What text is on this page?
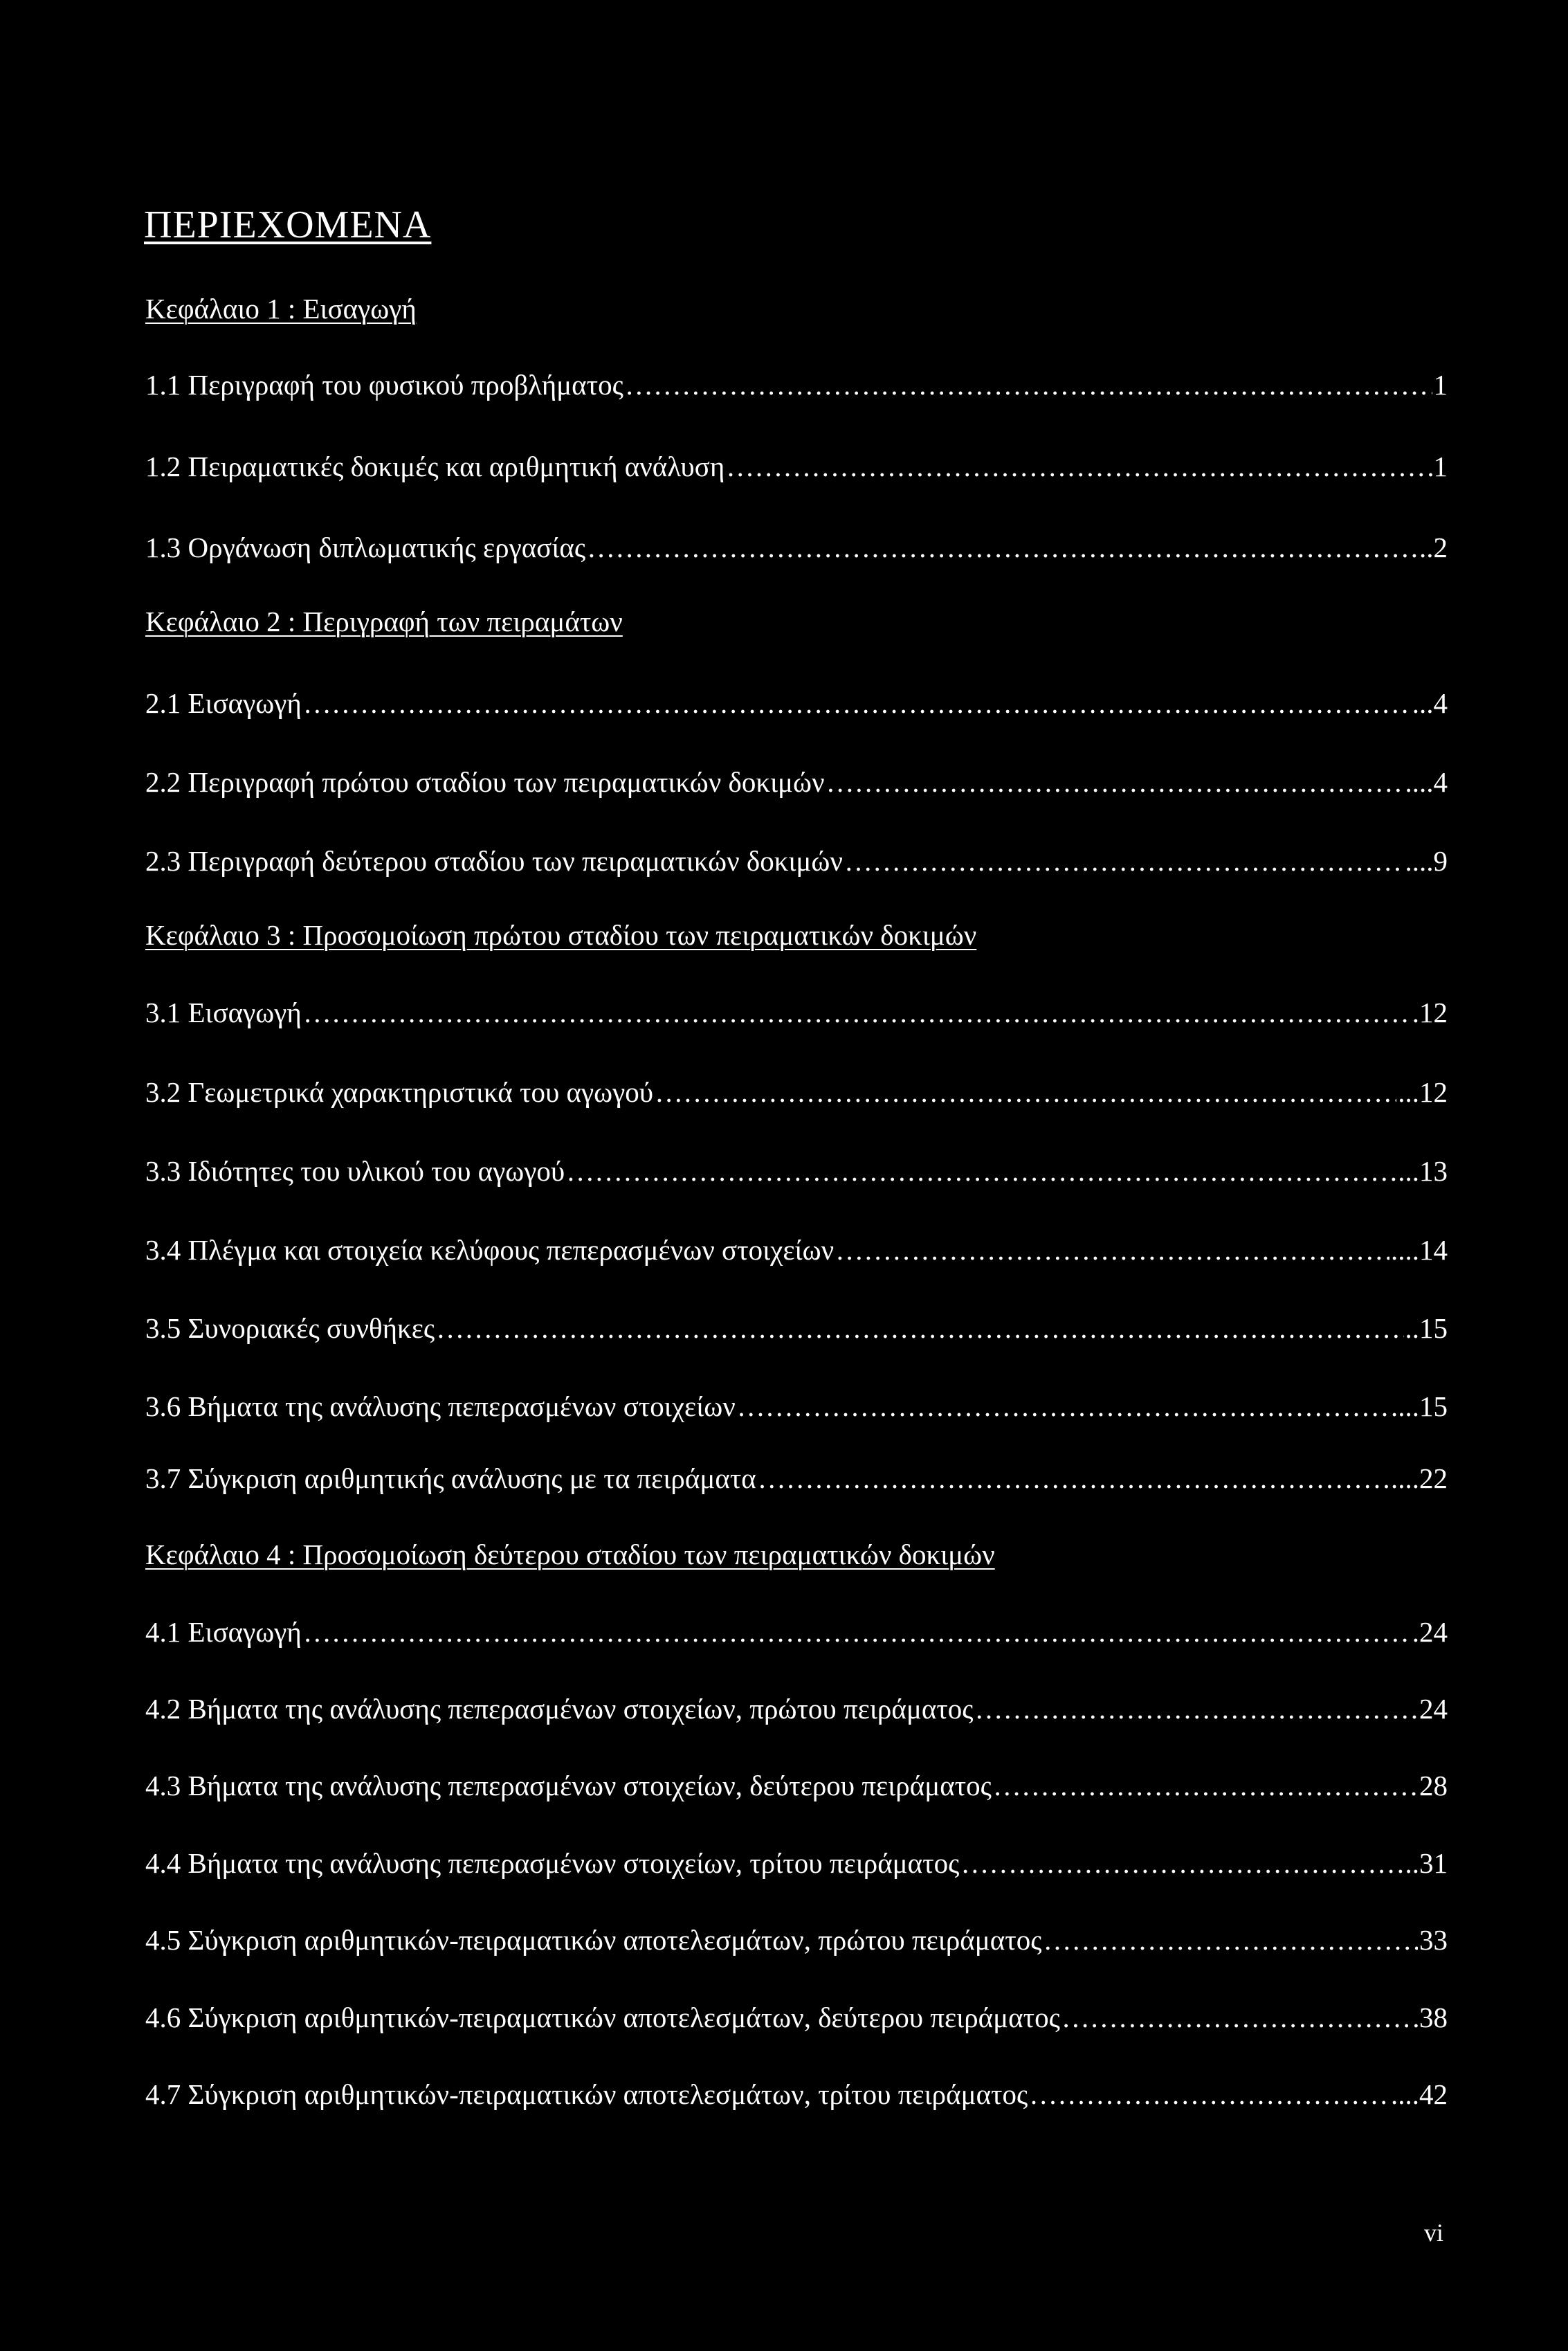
ΠΕΡΙΕΧΟΜΕΝΑ
Κεφάλαιο 1 : Εισαγωγή
1.1 Περιγραφή του φυσικού προβλήματος …………………………………………………………………………………………………………………………………………………………………………………………………………………………………………………………………………	1
1.2 Πειραματικές δοκιμές και αριθμητική ανάλυση …………………………………………………………………………………………………………………………………………………………………………………………………………………………………………………………………………	1
1.3 Οργάνωση διπλωματικής εργασίας …………………………………………………………………………………………………………………………………………………………………………………………………………………………………………………………………………	..2
Κεφάλαιο 2 : Περιγραφή των πειραμάτων
2.1 Εισαγωγή …………………………………………………………………………………………………………………………………………………………………………………………………………………………………………………………………………	...4
2.2 Περιγραφή πρώτου σταδίου των πειραματικών δοκιμών …………………………………………………………………………………………………………………………………………………………………………………………………………………………………………………………………………	....4
2.3 Περιγραφή δεύτερου σταδίου των πειραματικών δοκιμών …………………………………………………………………………………………………………………………………………………………………………………………………………………………………………………………………………	....9
Κεφάλαιο 3 : Προσομοίωση πρώτου σταδίου των πειραματικών δοκιμών
3.1 Εισαγωγή …………………………………………………………………………………………………………………………………………………………………………………………………………………………………………………………………………	.12
3.2 Γεωμετρικά χαρακτηριστικά του αγωγού …………………………………………………………………………………………………………………………………………………………………………………………………………………………………………………………………………	...12
3.3 Ιδιότητες του υλικού του αγωγού …………………………………………………………………………………………………………………………………………………………………………………………………………………………………………………………………………	...13
3.4 Πλέγμα και στοιχεία κελύφους πεπερασμένων στοιχείων …………………………………………………………………………………………………………………………………………………………………………………………………………………………………………………………………………	....14
3.5 Συνοριακές συνθήκες …………………………………………………………………………………………………………………………………………………………………………………………………………………………………………………………………………	..15
3.6 Βήματα της ανάλυσης πεπερασμένων στοιχείων …………………………………………………………………………………………………………………………………………………………………………………………………………………………………………………………………………	....15
3.7 Σύγκριση αριθμητικής ανάλυσης με τα πειράματα …………………………………………………………………………………………………………………………………………………………………………………………………………………………………………………………………………	....22
Κεφάλαιο 4 : Προσομοίωση δεύτερου σταδίου των πειραματικών δοκιμών
4.1 Εισαγωγή …………………………………………………………………………………………………………………………………………………………………………………………………………………………………………………………………………	.24
4.2 Βήματα της ανάλυσης πεπερασμένων στοιχείων, πρώτου πειράματος …………………………………………………………………………………………………………………………………………………………………………………………………………………………………………………………………………	24
4.3 Βήματα της ανάλυσης πεπερασμένων στοιχείων, δεύτερου πειράματος …………………………………………………………………………………………………………………………………………………………………………………………………………………………………………………………………………	28
4.4 Βήματα της ανάλυσης πεπερασμένων στοιχείων, τρίτου πειράματος …………………………………………………………………………………………………………………………………………………………………………………………………………………………………………………………………………	..31
4.5 Σύγκριση αριθμητικών-πειραματικών αποτελεσμάτων, πρώτου πειράματος …………………………………………………………………………………………………………………………………………………………………………………………………………………………………………………………………………	33
4.6 Σύγκριση αριθμητικών-πειραματικών αποτελεσμάτων, δεύτερου πειράματος …………………………………………………………………………………………………………………………………………………………………………………………………………………………………………………………………………	38
4.7 Σύγκριση αριθμητικών-πειραματικών αποτελεσμάτων, τρίτου πειράματος …………………………………………………………………………………………………………………………………………………………………………………………………………………………………………………………………………	....42
vi
